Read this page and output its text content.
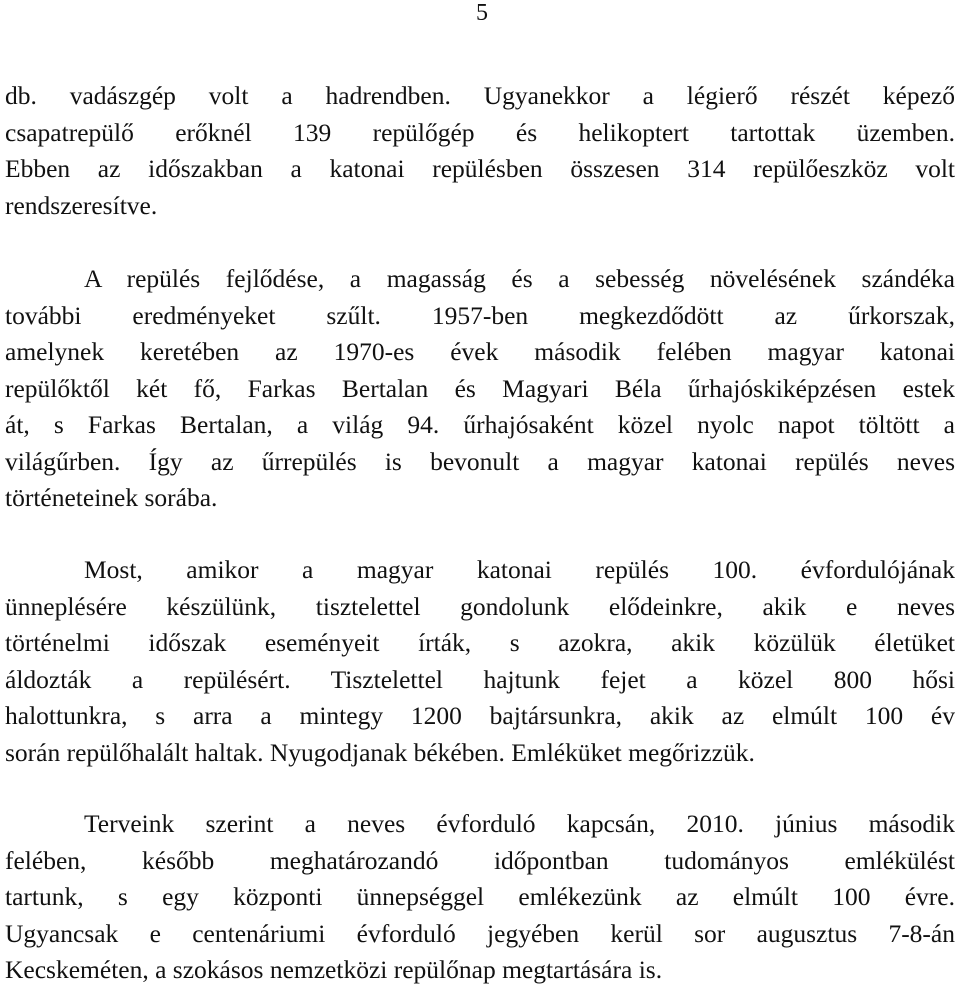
5
db. vadászgép volt a hadrendben. Ugyanekkor a légierő részét képező
csapatrepülő erőknél 139 repülőgép és helikoptert tartottak üzemben.
Ebben az időszakban a katonai repülésben összesen 314 repülőeszköz volt
rendszeresítve.
A repülés fejlődése, a magasság és a sebesség növelésének szándéka
további eredményeket szűlt. 1957-ben megkezdődött az űrkorszak,
amelynek keretében az 1970-es évek második felében magyar katonai
repülőktől két fő, Farkas Bertalan és Magyari Béla űrhajóskiképzésen estek
át, s Farkas Bertalan, a világ 94. űrhajósaként közel nyolc napot töltött a
világűrben. Így az űrrepülés is bevonult a magyar katonai repülés neves
történeteinek sorába.
Most, amikor a magyar katonai repülés 100. évfordulójának
ünneplésére készülünk, tisztelettel gondolunk elődeinkre, akik e neves
történelmi időszak eseményeit írták, s azokra, akik közülük életüket
áldozták a repülésért. Tisztelettel hajtunk fejet a közel 800 hősi
halottunkra, s arra a mintegy 1200 bajtársunkra, akik az elmúlt 100 év
során repülőhalált haltak. Nyugodjanak békében. Emléküket megőrizzük.
Terveink szerint a neves évforduló kapcsán, 2010. június második
felében, később meghatározandó időpontban tudományos emlékülést
tartunk, s egy központi ünnepséggel emlékezünk az elmúlt 100 évre.
Ugyancsak e centenáriumi évforduló jegyében kerül sor augusztus 7-8-án
Kecskeméten, a szokásos nemzetközi repülőnap megtartására is.
